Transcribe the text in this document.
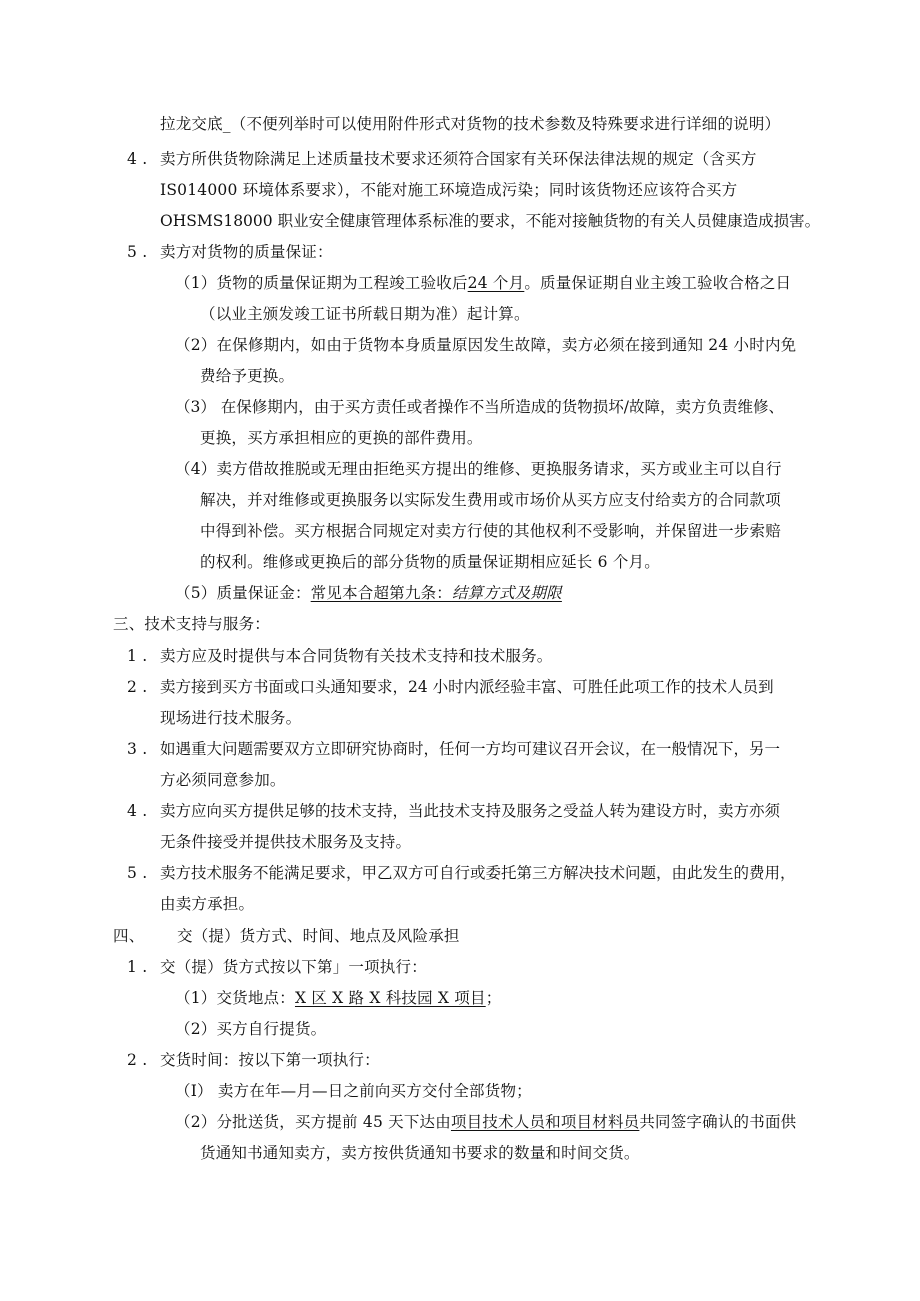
拉龙交底_（不便列举时可以使用附件形式对货物的技术参数及特殊要求进行详细的说明）
4 . 卖方所供货物除满足上述质量技术要求还须符合国家有关环保法律法规的规定（含买方
IS014000 环境体系要求），不能对施工环境造成污染；同时该货物还应该符合买方
OHSMS18000 职业安全健康管理体系标准的要求，不能对接触货物的有关人员健康造成损害。
5 . 卖方对货物的质量保证：
（1）货物的质量保证期为工程竣工验收后24 个月。质量保证期自业主竣工验收合格之日
（以业主颁发竣工证书所载日期为准）起计算。
（2）在保修期内，如由于货物本身质量原因发生故障，卖方必须在接到通知 24 小时内免
费给予更换。
（3） 在保修期内，由于买方责任或者操作不当所造成的货物损坏/故障，卖方负责维修、
更换，买方承担相应的更换的部件费用。
（4）卖方借故推脱或无理由拒绝买方提出的维修、更换服务请求，买方或业主可以自行
解决，并对维修或更换服务以实际发生费用或市场价从买方应支付给卖方的合同款项
中得到补偿。买方根据合同规定对卖方行使的其他权利不受影响，并保留进一步索赔
的权利。维修或更换后的部分货物的质量保证期相应延长 6 个月。
（5）质量保证金：常见本合超第九条：结算方式及期限
三、技术支持与服务：
1 . 卖方应及时提供与本合同货物有关技术支持和技术服务。
2 . 卖方接到买方书面或口头通知要求，24 小时内派经验丰富、可胜任此项工作的技术人员到
现场进行技术服务。
3 . 如遇重大问题需要双方立即研究协商时，任何一方均可建议召开会议，在一般情况下，另一
方必须同意参加。
4 . 卖方应向买方提供足够的技术支持，当此技术支持及服务之受益人转为建设方时，卖方亦须
无条件接受并提供技术服务及支持。
5 . 卖方技术服务不能满足要求，甲乙双方可自行或委托第三方解决技术问题，由此发生的费用，
由卖方承担。
四、 交（提）货方式、时间、地点及风险承担
1 . 交（提）货方式按以下第」一项执行：
（1）交货地点：X 区 X 路 X 科技园 X 项目；
（2）买方自行提货。
2 . 交货时间：按以下第一项执行：
（I） 卖方在年—月—日之前向买方交付全部货物；
（2）分批送货，买方提前 45 天下达由项目技术人员和项目材料员共同签字确认的书面供
货通知书通知卖方，卖方按供货通知书要求的数量和时间交货。
